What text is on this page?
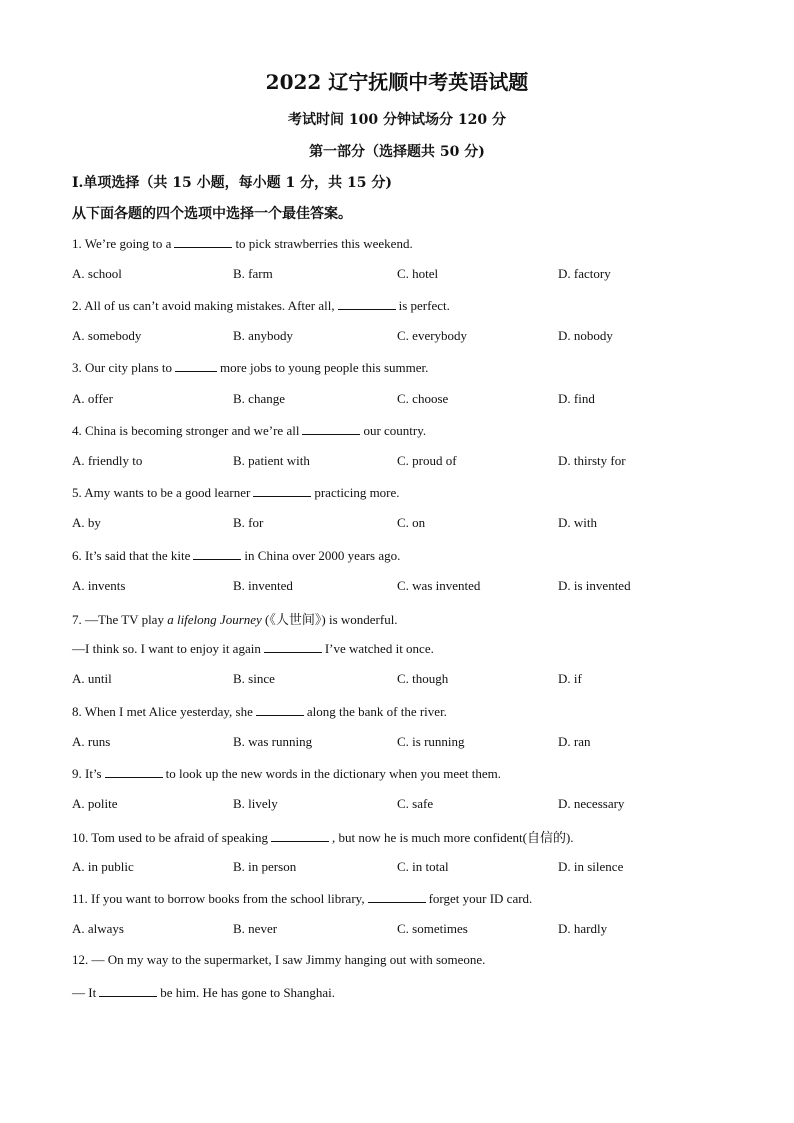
2022 辽宁抚顺中考英语试题
考试时间 100 分钟试场分 120 分
第一部分（选择题共 50 分)
I.单项选择（共 15 小题，每小题 1 分，共 15 分)
从下面各题的四个选项中选择一个最佳答案。
1. We’re going to a	to pick strawberries this weekend.
A. school	B. farm	C. hotel	D. factory
2. All of us can’t avoid making mistakes. After all,	is perfect.
A. somebody	B. anybody	C. everybody	D. nobody
3. Our city plans to	more jobs to young people this summer.
A. offer	B. change	C. choose	D. find
4. China is becoming stronger and we’re all	our country.
A. friendly to	B. patient with	C. proud of	D. thirsty for
5. Amy wants to be a good learner	practicing more.
A. by	B. for	C. on	D. with
6. It’s said that the kite	in China over 2000 years ago.
A. invents	B. invented	C. was invented	D. is invented
7. —The TV play a lifelong Journey (《人世间》) is wonderful.
—I think so. I want to enjoy it again	I’ve watched it once.
A. until	B. since	C. though	D. if
8. When I met Alice yesterday, she	along the bank of the river.
A. runs	B. was running	C. is running	D. ran
9. It’s	to look up the new words in the dictionary when you meet them.
A. polite	B. lively	C. safe	D. necessary
10. Tom used to be afraid of speaking	, but now he is much more confident(自信的).
A. in public	B. in person	C. in total	D. in silence
11. If you want to borrow books from the school library,	forget your ID card.
A. always	B. never	C. sometimes	D. hardly
12. — On my way to the supermarket, I saw Jimmy hanging out with someone.
— It	be him. He has gone to Shanghai.
